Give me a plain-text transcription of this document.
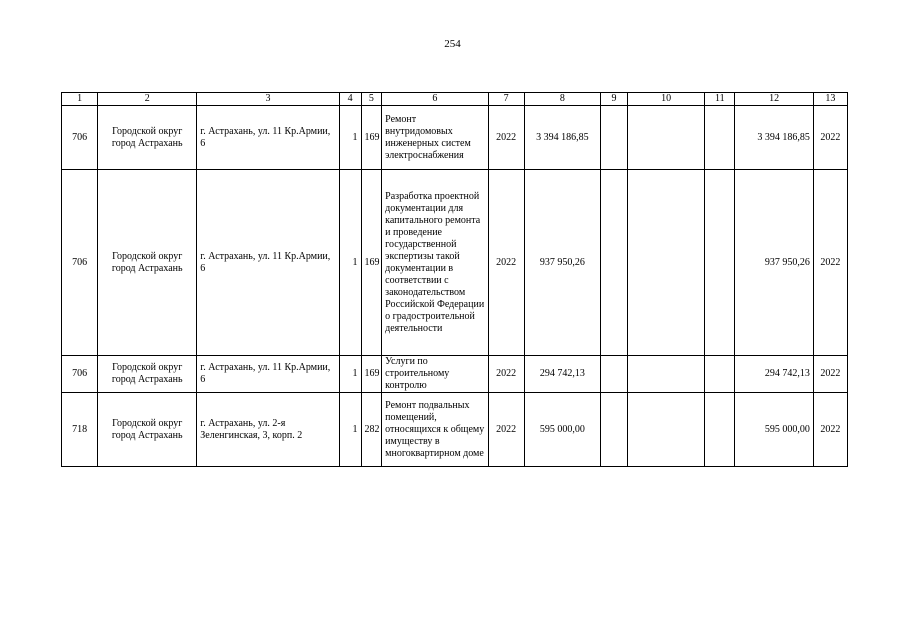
254
1	2	3	4	5	6	7	8	9	10	11	12	13
706	Городской округ город Астрахань	г. Астрахань, ул. 11 Кр.Армии, 6	1	169	Ремонт внутридомовых инженерных систем электроснабжения	2022	3 394 186,85				3 394 186,85	2022
706	Городской округ город Астрахань	г. Астрахань, ул. 11 Кр.Армии, 6	1	169	Разработка проектной документации для капитального ремонта и проведение государственной экспертизы такой документации в соответствии с законодательством Российской Федерации о градостроительной деятельности	2022	937 950,26				937 950,26	2022
706	Городской округ город Астрахань	г. Астрахань, ул. 11 Кр.Армии, 6	1	169	Услуги по строительному контролю	2022	294 742,13				294 742,13	2022
718	Городской округ город Астрахань	г. Астрахань, ул. 2-я Зеленгинская, 3, корп. 2	1	282	Ремонт подвальных помещений, относящихся к общему имуществу в многоквартирном доме	2022	595 000,00				595 000,00	2022
